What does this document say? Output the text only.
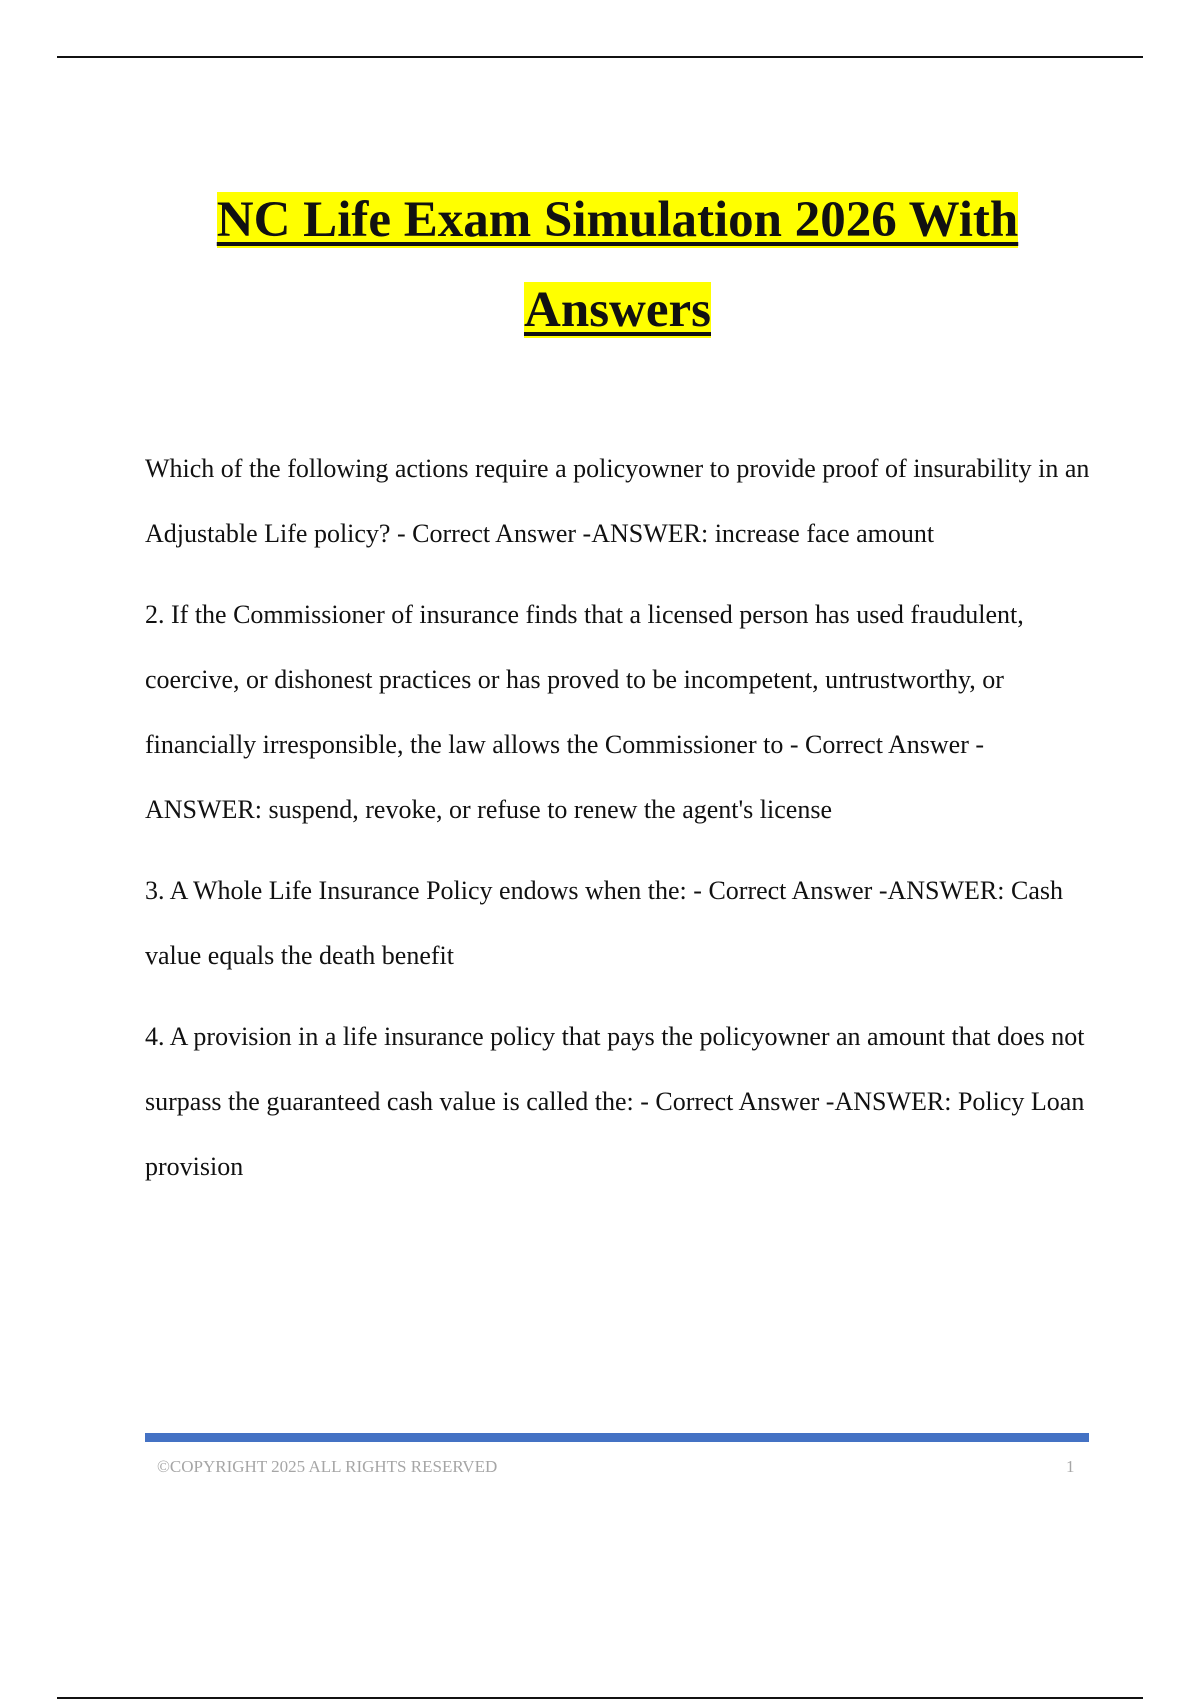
NC Life Exam Simulation 2026 With
Answers

Which of the following actions require a policyowner to provide proof of insurability in an Adjustable Life policy? - Correct Answer -ANSWER: increase face amount

2. If the Commissioner of insurance finds that a licensed person has used fraudulent, coercive, or dishonest practices or has proved to be incompetent, untrustworthy, or financially irresponsible, the law allows the Commissioner to - Correct Answer -ANSWER: suspend, revoke, or refuse to renew the agent's license

3. A Whole Life Insurance Policy endows when the: - Correct Answer -ANSWER: Cash value equals the death benefit

4. A provision in a life insurance policy that pays the policyowner an amount that does not surpass the guaranteed cash value is called the: - Correct Answer -ANSWER: Policy Loan provision

©COPYRIGHT 2025 ALL RIGHTS RESERVED	1
